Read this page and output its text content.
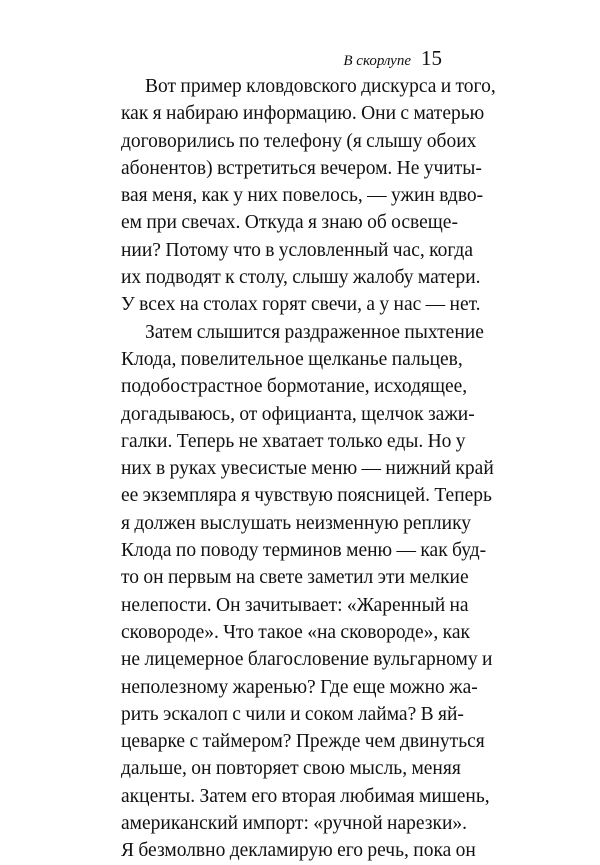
В скорлупе 15
Вот пример кловдовского дискурса и того,
как я набираю информацию. Они с матерью
договорились по телефону (я слышу обоих
абонентов) встретиться вечером. Не учиты-
вая меня, как у них повелось, — ужин вдво-
ем при свечах. Откуда я знаю об освеще-
нии? Потому что в условленный час, когда
их подводят к столу, слышу жалобу матери.
У всех на столах горят свечи, а у нас — нет.
Затем слышится раздраженное пыхтение
Клода, повелительное щелканье пальцев,
подобострастное бормотание, исходящее,
догадываюсь, от официанта, щелчок зажи-
галки. Теперь не хватает только еды. Но у
них в руках увесистые меню — нижний край
ее экземпляра я чувствую поясницей. Теперь
я должен выслушать неизменную реплику
Клода по поводу терминов меню — как буд-
то он первым на свете заметил эти мелкие
нелепости. Он зачитывает: «Жаренный на
сковороде». Что такое «на сковороде», как
не лицемерное благословение вульгарному и
неполезному жаренью? Где еще можно жа-
рить эскалоп с чили и соком лайма? В яй-
цеварке с таймером? Прежде чем двинуться
дальше, он повторяет свою мысль, меняя
акценты. Затем его вторая любимая мишень,
американский импорт: «ручной нарезки».
Я безмолвно декламирую его речь, пока он
